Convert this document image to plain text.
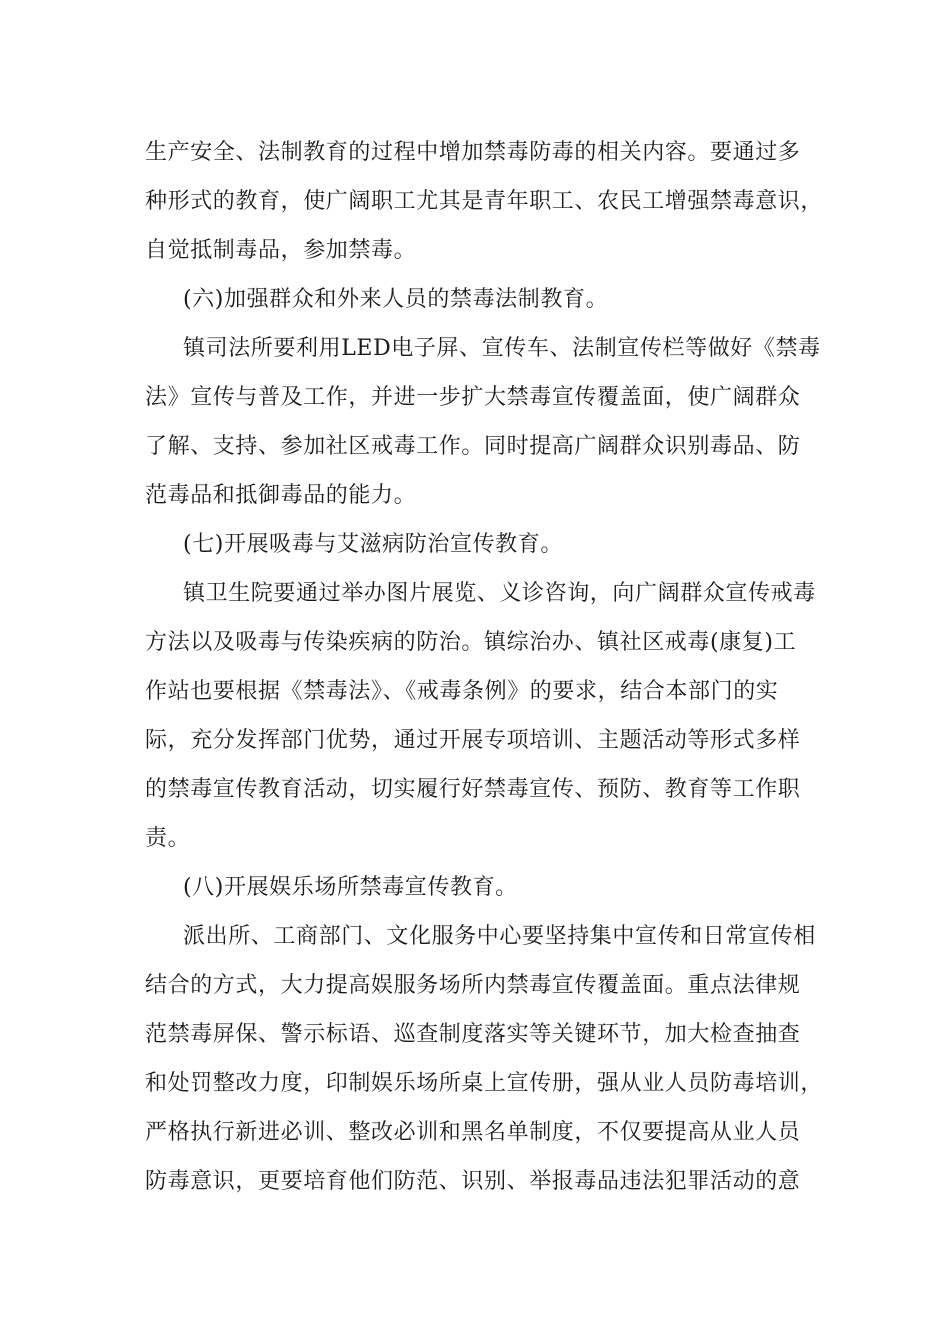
生产安全、法制教育的过程中增加禁毒防毒的相关内容。要通过多
种形式的教育，使广阔职工尤其是青年职工、农民工增强禁毒意识，
自觉抵制毒品，参加禁毒。
(六)加强群众和外来人员的禁毒法制教育。
镇司法所要利用LED电子屏、宣传车、法制宣传栏等做好《禁毒
法》宣传与普及工作，并进一步扩大禁毒宣传覆盖面，使广阔群众
了解、支持、参加社区戒毒工作。同时提高广阔群众识别毒品、防
范毒品和抵御毒品的能力。
(七)开展吸毒与艾滋病防治宣传教育。
镇卫生院要通过举办图片展览、义诊咨询，向广阔群众宣传戒毒
方法以及吸毒与传染疾病的防治。镇综治办、镇社区戒毒(康复)工
作站也要根据《禁毒法》、《戒毒条例》的要求，结合本部门的实
际，充分发挥部门优势，通过开展专项培训、主题活动等形式多样
的禁毒宣传教育活动，切实履行好禁毒宣传、预防、教育等工作职
责。
(八)开展娱乐场所禁毒宣传教育。
派出所、工商部门、文化服务中心要坚持集中宣传和日常宣传相
结合的方式，大力提高娱服务场所内禁毒宣传覆盖面。重点法律规
范禁毒屏保、警示标语、巡查制度落实等关键环节，加大检查抽查
和处罚整改力度，印制娱乐场所桌上宣传册，强从业人员防毒培训，
严格执行新进必训、整改必训和黑名单制度，不仅要提高从业人员
防毒意识，更要培育他们防范、识别、举报毒品违法犯罪活动的意
